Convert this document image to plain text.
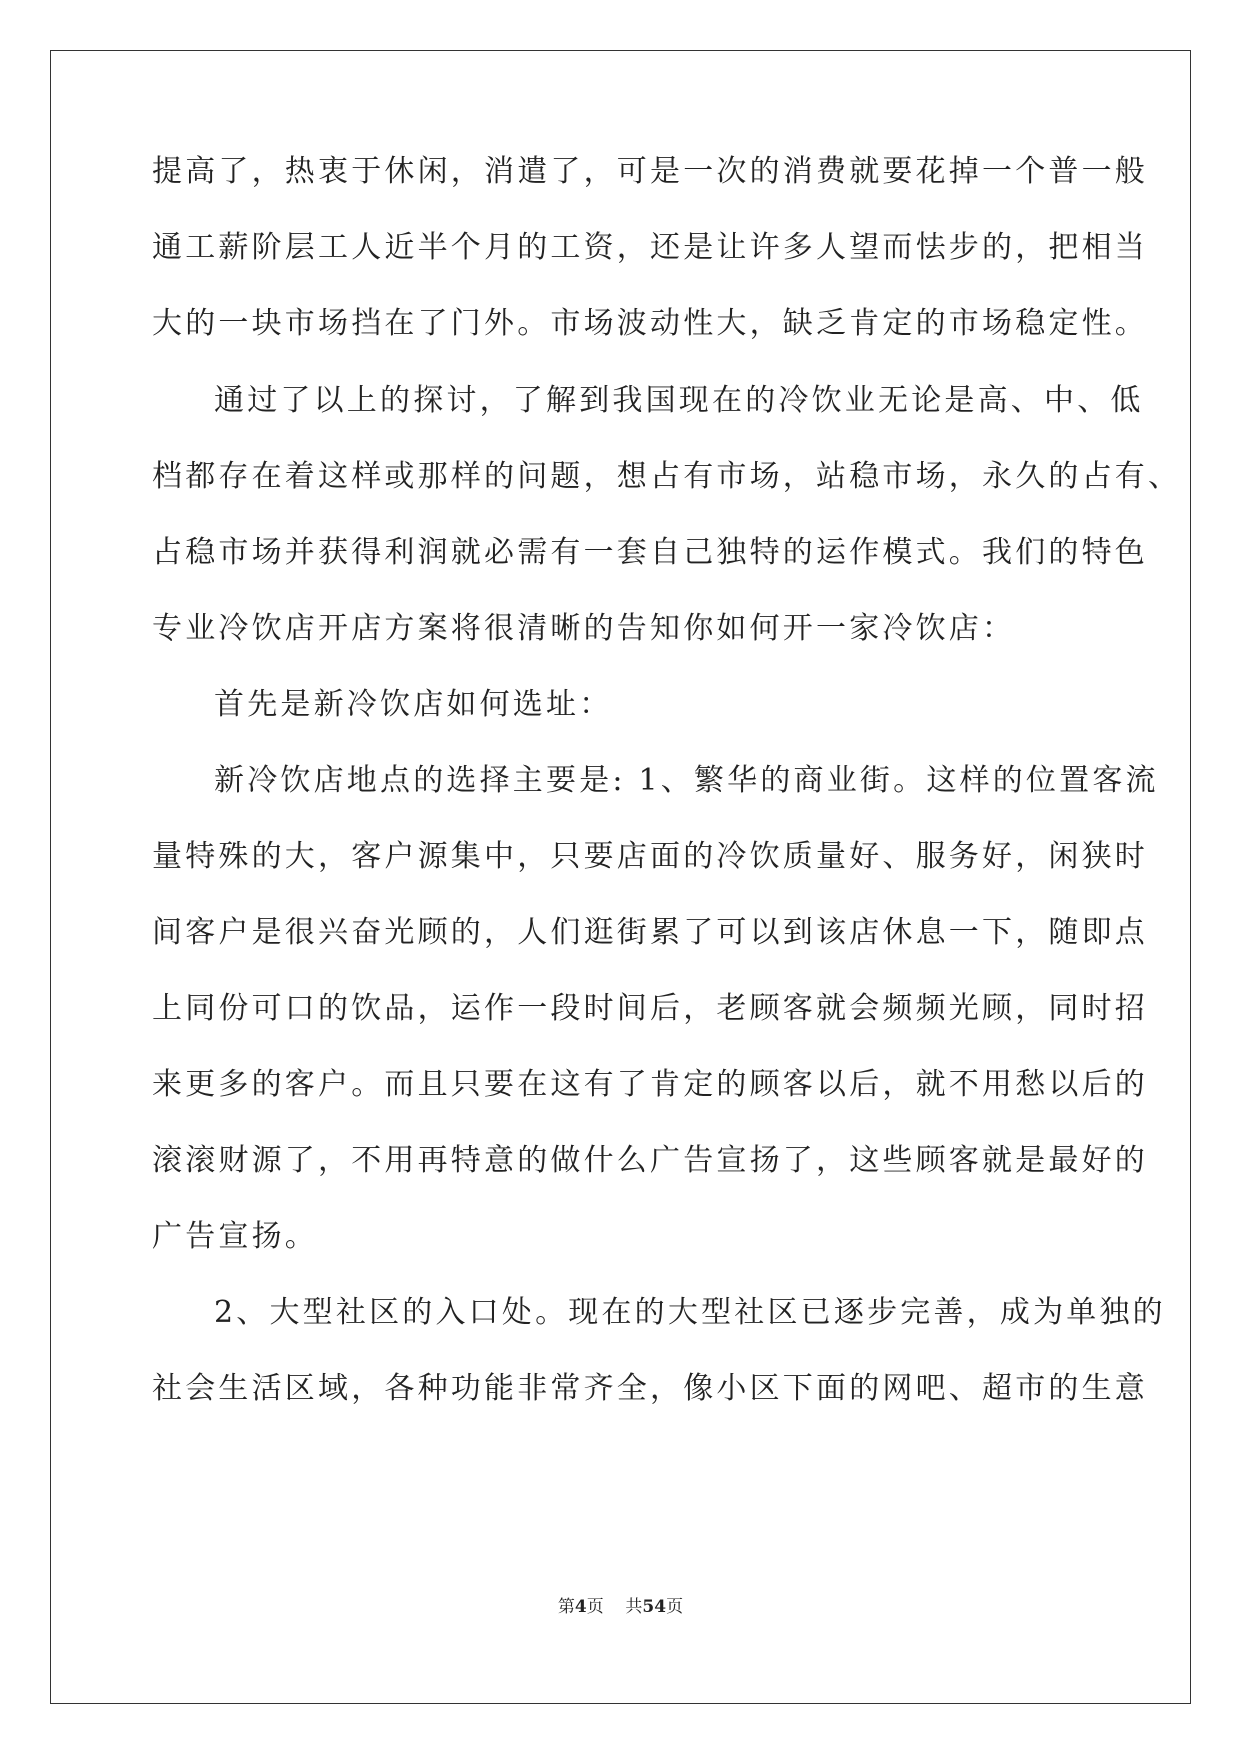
提高了，热衷于休闲，消遣了，可是一次的消费就要花掉一个普一般
通工薪阶层工人近半个月的工资，还是让许多人望而怯步的，把相当
大的一块市场挡在了门外。市场波动性大，缺乏肯定的市场稳定性。
通过了以上的探讨，了解到我国现在的冷饮业无论是高、中、低
档都存在着这样或那样的问题，想占有市场，站稳市场，永久的占有、
占稳市场并获得利润就必需有一套自己独特的运作模式。我们的特色
专业冷饮店开店方案将很清晰的告知你如何开一家冷饮店：
首先是新冷饮店如何选址：
新冷饮店地点的选择主要是: 1、繁华的商业街。这样的位置客流
量特殊的大，客户源集中，只要店面的冷饮质量好、服务好，闲狭时
间客户是很兴奋光顾的，人们逛街累了可以到该店休息一下，随即点
上同份可口的饮品，运作一段时间后，老顾客就会频频光顾，同时招
来更多的客户。而且只要在这有了肯定的顾客以后，就不用愁以后的
滚滚财源了，不用再特意的做什么广告宣扬了，这些顾客就是最好的
广告宣扬。
2、大型社区的入口处。现在的大型社区已逐步完善，成为单独的
社会生活区域，各种功能非常齐全，像小区下面的网吧、超市的生意
第4页 共54页
